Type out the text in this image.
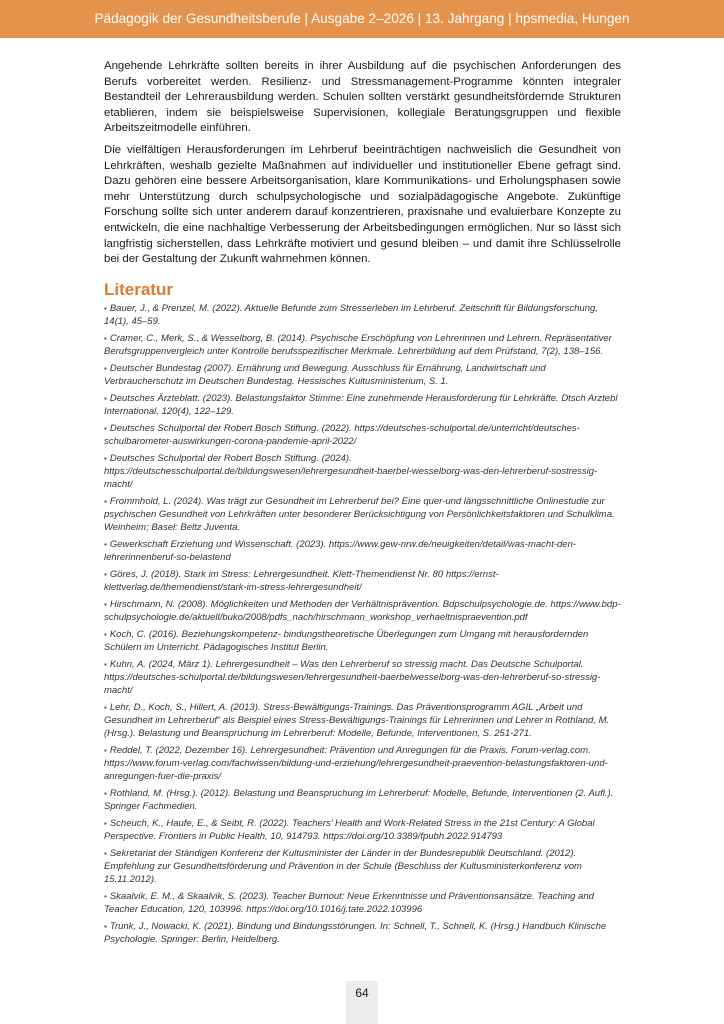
Pädagogik der Gesundheitsberufe | Ausgabe 2–2026 | 13. Jahrgang | hpsmedia, Hungen

Angehende Lehrkräfte sollten bereits in ihrer Ausbildung auf die psychischen Anforderungen des Berufs vorbereitet werden. Resilienz- und Stressmanagement-Programme könnten integraler Bestandteil der Lehrerausbildung werden. Schulen sollten verstärkt gesundheitsfördernde Strukturen etablieren, indem sie beispielsweise Supervisionen, kollegiale Beratungsgruppen und flexible Arbeitszeitmodelle einführen.

Die vielfältigen Herausforderungen im Lehrberuf beeinträchtigen nachweislich die Gesundheit von Lehrkräften, weshalb gezielte Maßnahmen auf individueller und institutioneller Ebene gefragt sind. Dazu gehören eine bessere Arbeitsorganisation, klare Kommunikations- und Erholungsphasen sowie mehr Unterstützung durch schulpsychologische und sozialpädagogische Angebote. Zukünftige Forschung sollte sich unter anderem darauf konzentrieren, praxisnahe und evaluierbare Konzepte zu entwickeln, die eine nachhaltige Verbesserung der Arbeitsbedingungen ermöglichen. Nur so lässt sich langfristig sicherstellen, dass Lehrkräfte motiviert und gesund bleiben – und damit ihre Schlüsselrolle bei der Gestaltung der Zukunft wahrnehmen können.

Literatur
▪ Bauer, J., & Prenzel, M. (2022). Aktuelle Befunde zum Stresserleben im Lehrberuf. Zeitschrift für Bildungsforschung, 14(1), 45–59.
▪ Cramer, C., Merk, S., & Wesselborg, B. (2014). Psychische Erschöpfung von Lehrerinnen und Lehrern. Repräsentativer Berufsgruppenvergleich unter Kontrolle berufsspezifischer Merkmale. Lehrerbildung auf dem Prüfstand, 7(2), 138–156.
▪ Deutscher Bundestag (2007). Ernährung und Bewegung. Ausschluss für Ernährung, Landwirtschaft und Verbraucherschutz im Deutschen Bundestag. Hessisches Kultusministerium, S. 1.
▪ Deutsches Ärzteblatt. (2023). Belastungsfaktor Stimme: Eine zunehmende Herausforderung für Lehrkräfte. Dtsch Arztebl International, 120(4), 122–129.
▪ Deutsches Schulportal der Robert Bosch Stiftung. (2022). https://deutsches-schulportal.de/unterricht/deutsches-schulbarometer-auswirkungen-corona-pandemie-april-2022/
▪ Deutsches Schulportal der Robert Bosch Stiftung. (2024). https://deutschesschulportal.de/bildungswesen/lehrergesundheit-baerbel-wesselborg-was-den-lehrerberuf-sostressig-macht/
▪ Frommhold, L. (2024). Was trägt zur Gesundheit im Lehrerberuf bei? Eine quer-und längsschnittliche Onlinestudie zur psychischen Gesundheit von Lehrkräften unter besonderer Berücksichtigung von Persönlichkeitsfaktoren und Schulklima. Weinheim; Basel: Beltz Juventa.
▪ Gewerkschaft Erziehung und Wissenschaft. (2023). https://www.gew-nrw.de/neuigkeiten/detail/was-macht-den-lehrerinnenberuf-so-belastend
▪ Göres, J. (2018). Stark im Stress: Lehrergesundheit. Klett-Themendienst Nr. 80 https://ernst-klettverlag.de/themendienst/stark-im-stress-lehrergesundheit/
▪ Hirschmann, N. (2008). Möglichkeiten und Methoden der Verhältnisprävention. Bdpschulpsychologie.de. https://www.bdp-schulpsychologie.de/aktuell/buko/2008/pdfs_nach/hirschmann_workshop_verhaeltnispraevention.pdf
▪ Koch, C. (2016). Beziehungskompetenz- bindungstheoretische Überlegungen zum Umgang mit herausfordernden Schülern im Unterricht. Pädagogisches Institut Berlin.
▪ Kuhn, A. (2024, März 1). Lehrergesundheit – Was den Lehrerberuf so stressig macht. Das Deutsche Schulportal. https://deutsches-schulportal.de/bildungswesen/lehrergesundheit-baerbelwesselborg-was-den-lehrerberuf-so-stressig-macht/
▪ Lehr, D., Koch, S., Hillert, A. (2013). Stress-Bewältigungs-Trainings. Das Präventionsprogramm AGIL „Arbeit und Gesundheit im Lehrerberuf“ als Beispiel eines Stress-Bewältigungs-Trainings für Lehrerinnen und Lehrer in Rothland, M. (Hrsg.). Belastung und Beanspruchung im Lehrerberuf: Modelle, Befunde, Interventionen, S. 251-271.
▪ Reddel, T. (2022, Dezember 16). Lehrergesundheit: Prävention und Anregungen für die Praxis. Forum-verlag.com. https://www.forum-verlag.com/fachwissen/bildung-und-erziehung/lehrergesundheit-praevention-belastungsfaktoren-und-anregungen-fuer-die-praxis/
▪ Rothland, M. (Hrsg.). (2012). Belastung und Beanspruchung im Lehrerberuf: Modelle, Befunde, Interventionen (2. Aufl.). Springer Fachmedien.
▪ Scheuch, K., Haufe, E., & Seibt, R. (2022). Teachers’ Health and Work-Related Stress in the 21st Century: A Global Perspective. Frontiers in Public Health, 10, 914793. https://doi.org/10.3389/fpubh.2022.914793
▪ Sekretariat der Ständigen Konferenz der Kultusminister der Länder in der Bundesrepublik Deutschland. (2012). Empfehlung zur Gesundheitsförderung und Prävention in der Schule (Beschluss der Kultusministerkonferenz vom 15.11.2012).
▪ Skaalvik, E. M., & Skaalvik, S. (2023). Teacher Burnout: Neue Erkenntnisse und Präventionsansätze. Teaching and Teacher Education, 120, 103996. https://doi.org/10.1016/j.tate.2022.103996
▪ Trunk, J., Nowacki, K. (2021). Bindung und Bindungsstörungen. In: Schnell, T., Schnell, K. (Hrsg.) Handbuch Klinische Psychologie. Springer: Berlin, Heidelberg.
64
